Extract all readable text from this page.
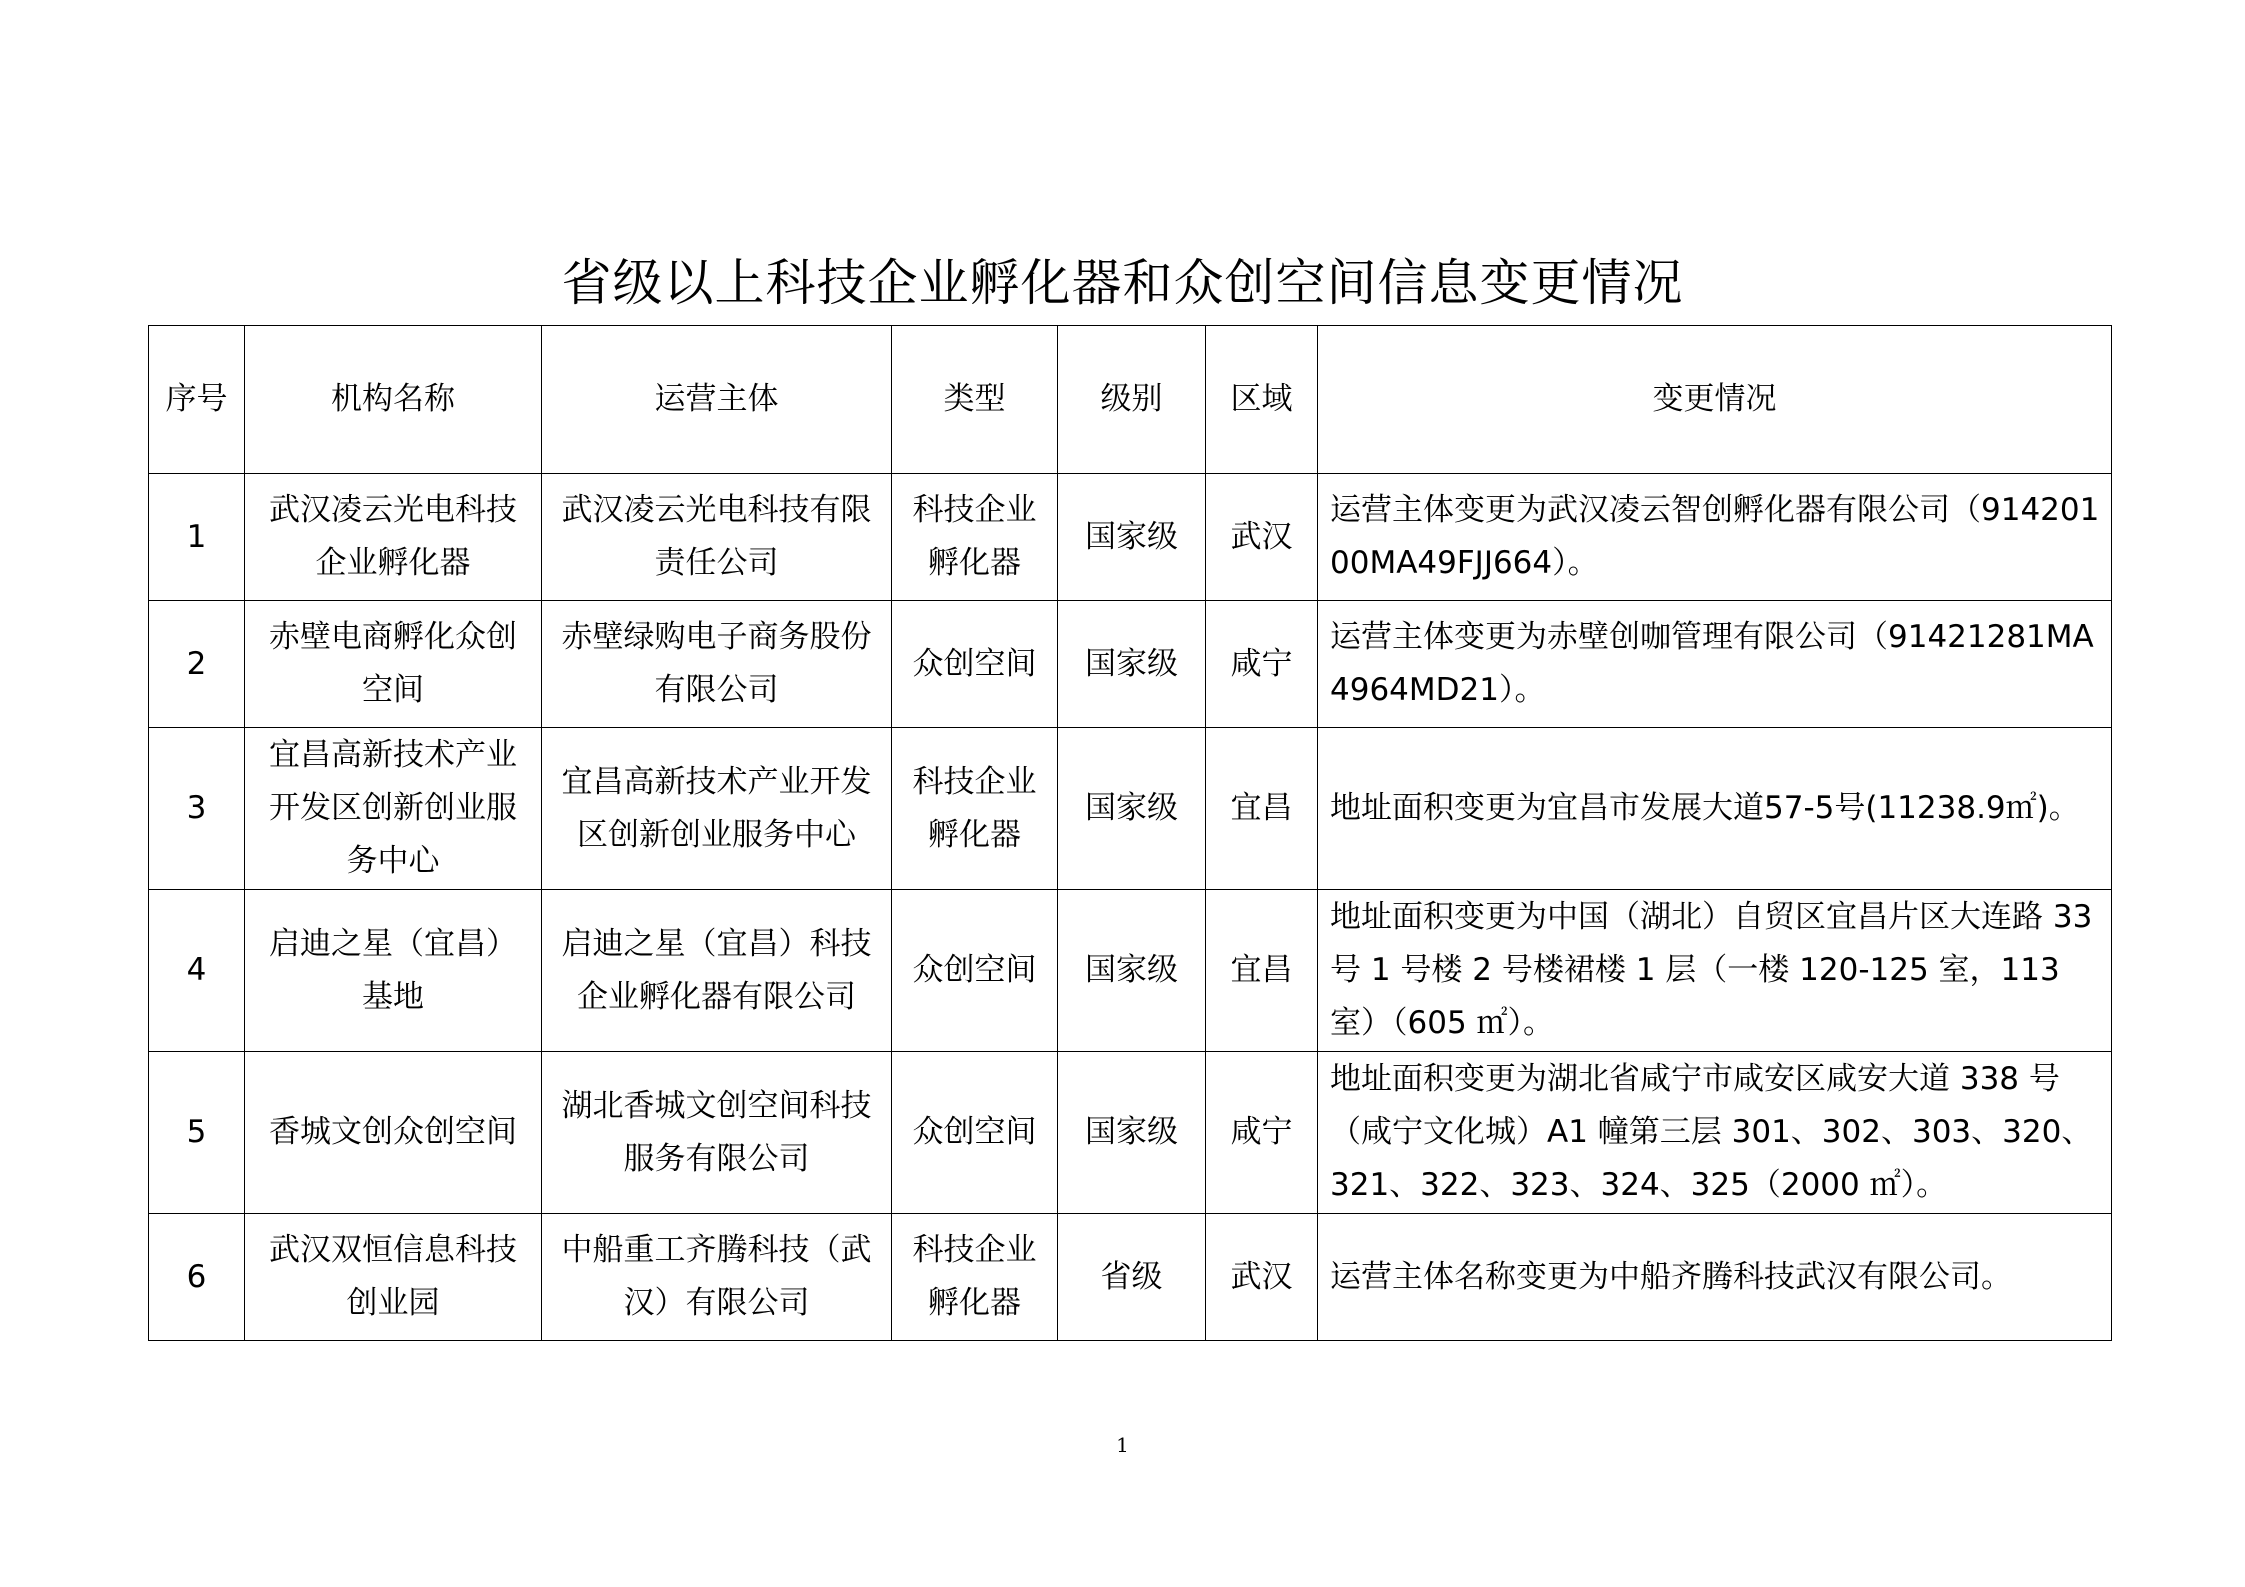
省级以上科技企业孵化器和众创空间信息变更情况
序号	机构名称	运营主体	类型	级别	区域	变更情况
1	武汉凌云光电科技企业孵化器	武汉凌云光电科技有限责任公司	科技企业孵化器	国家级	武汉	运营主体变更为武汉凌云智创孵化器有限公司（91420100MA49FJJ664）。
2	赤壁电商孵化众创空间	赤壁绿购电子商务股份有限公司	众创空间	国家级	咸宁	运营主体变更为赤壁创咖管理有限公司（91421281MA4964MD21）。
3	宜昌高新技术产业开发区创新创业服务中心	宜昌高新技术产业开发区创新创业服务中心	科技企业孵化器	国家级	宜昌	地址面积变更为宜昌市发展大道57-5号(11238.9㎡)。
4	启迪之星（宜昌）基地	启迪之星（宜昌）科技企业孵化器有限公司	众创空间	国家级	宜昌	地址面积变更为中国（湖北）自贸区宜昌片区大连路 33 号 1 号楼 2 号楼裙楼 1 层（一楼 120-125 室，113 室）（605 ㎡）。
5	香城文创众创空间	湖北香城文创空间科技服务有限公司	众创空间	国家级	咸宁	地址面积变更为湖北省咸宁市咸安区咸安大道 338 号（咸宁文化城）A1 幢第三层 301、302、303、320、321、322、323、324、325（2000 ㎡）。
6	武汉双恒信息科技创业园	中船重工齐腾科技（武汉）有限公司	科技企业孵化器	省级	武汉	运营主体名称变更为中船齐腾科技武汉有限公司。
1
